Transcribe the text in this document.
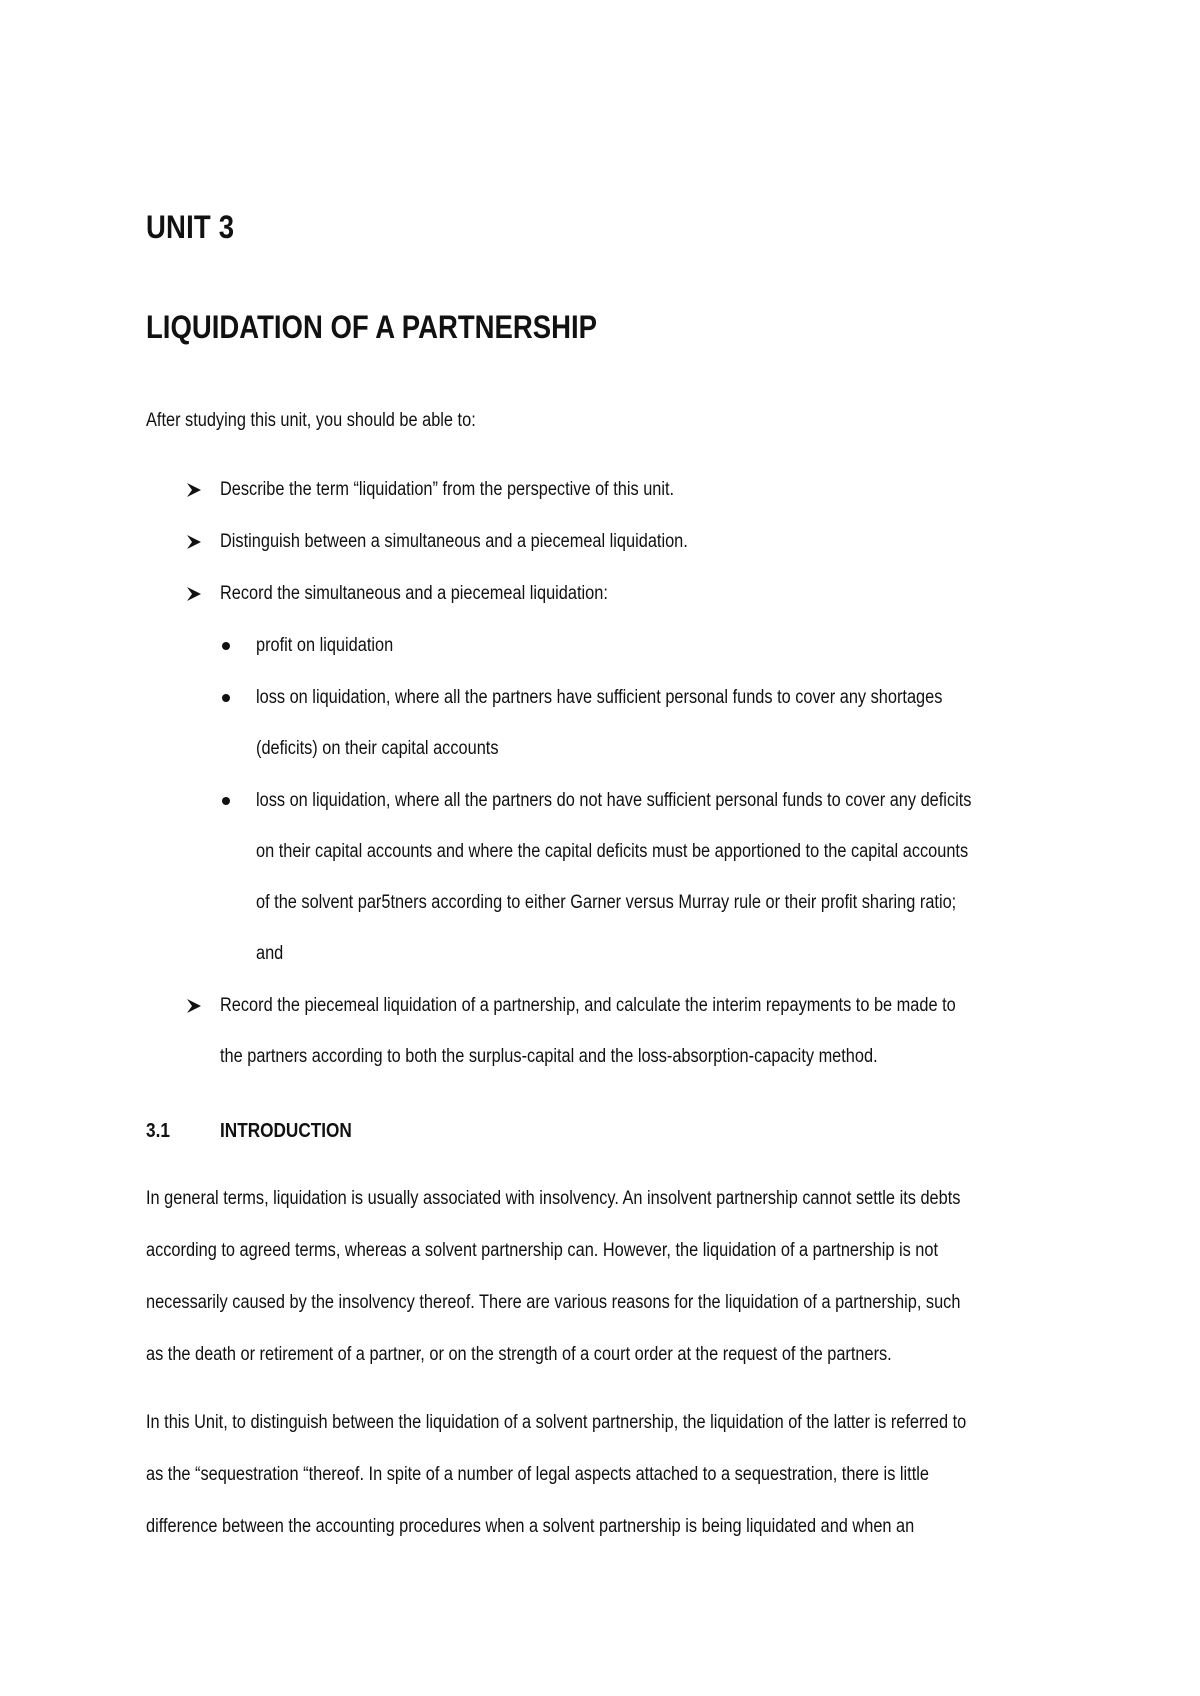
UNIT 3
LIQUIDATION OF A PARTNERSHIP
After studying this unit, you should be able to:
Describe the term “liquidation” from the perspective of this unit.
Distinguish between a simultaneous and a piecemeal liquidation.
Record the simultaneous and a piecemeal liquidation:
profit on liquidation
loss on liquidation, where all the partners have sufficient personal funds to cover any shortages
(deficits) on their capital accounts
loss on liquidation, where all the partners do not have sufficient personal funds to cover any deficits
on their capital accounts and where the capital deficits must be apportioned to the capital accounts
of the solvent par5tners according to either Garner versus Murray rule or their profit sharing ratio;
and
Record the piecemeal liquidation of a partnership, and calculate the interim repayments to be made to
the partners according to both the surplus-capital and the loss-absorption-capacity method.
3.1	INTRODUCTION
In general terms, liquidation is usually associated with insolvency. An insolvent partnership cannot settle its debts
according to agreed terms, whereas a solvent partnership can. However, the liquidation of a partnership is not
necessarily caused by the insolvency thereof. There are various reasons for the liquidation of a partnership, such
as the death or retirement of a partner, or on the strength of a court order at the request of the partners.
In this Unit, to distinguish between the liquidation of a solvent partnership, the liquidation of the latter is referred to
as the “sequestration “thereof. In spite of a number of legal aspects attached to a sequestration, there is little
difference between the accounting procedures when a solvent partnership is being liquidated and when an
